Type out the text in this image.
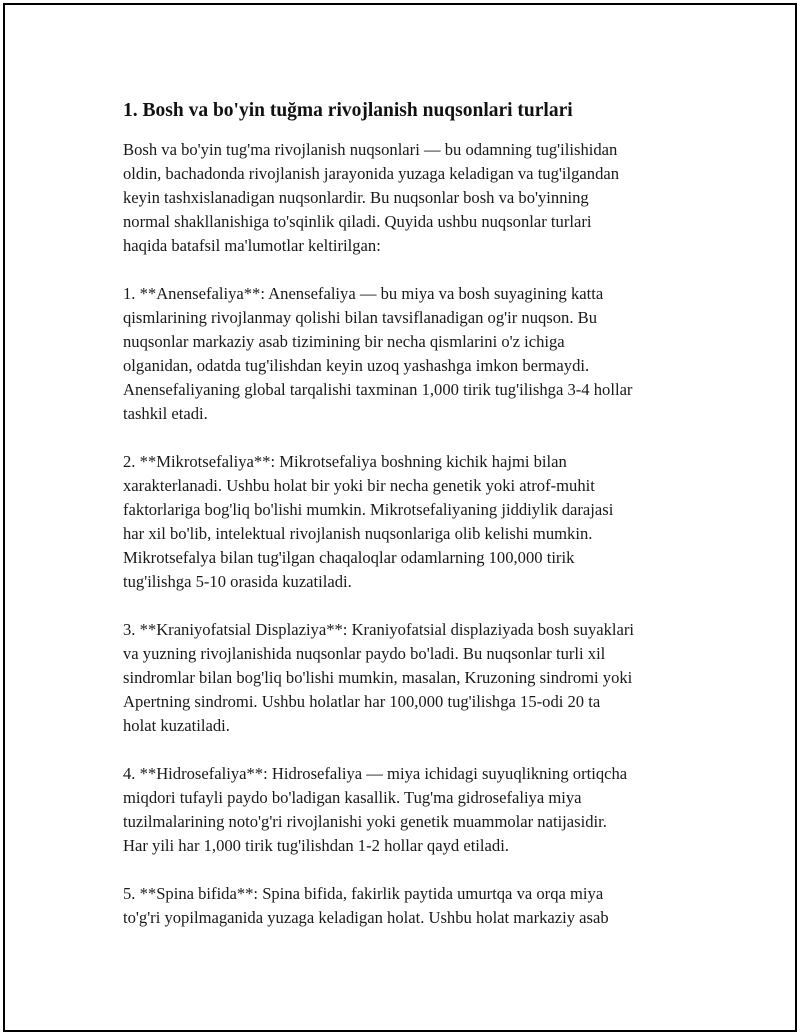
1. Bosh va bo'yin tuğma rivojlanish nuqsonlari turlari
Bosh va bo'yin tug'ma rivojlanish nuqsonlari — bu odamning tug'ilishidan
oldin, bachadonda rivojlanish jarayonida yuzaga keladigan va tug'ilgandan
keyin tashxislanadigan nuqsonlardir. Bu nuqsonlar bosh va bo'yinning
normal shakllanishiga to'sqinlik qiladi. Quyida ushbu nuqsonlar turlari
haqida batafsil ma'lumotlar keltirilgan:
1. **Anensefaliya**: Anensefaliya — bu miya va bosh suyagining katta
qismlarining rivojlanmay qolishi bilan tavsiflanadigan og'ir nuqson. Bu
nuqsonlar markaziy asab tizimining bir necha qismlarini o'z ichiga
olganidan, odatda tug'ilishdan keyin uzoq yashashga imkon bermaydi.
Anensefaliyaning global tarqalishi taxminan 1,000 tirik tug'ilishga 3-4 hollar
tashkil etadi.
2. **Mikrotsefaliya**: Mikrotsefaliya boshning kichik hajmi bilan
xarakterlanadi. Ushbu holat bir yoki bir necha genetik yoki atrof-muhit
faktorlariga bog'liq bo'lishi mumkin. Mikrotsefaliyaning jiddiylik darajasi
har xil bo'lib, intelektual rivojlanish nuqsonlariga olib kelishi mumkin.
Mikrotsefalya bilan tug'ilgan chaqaloqlar odamlarning 100,000 tirik
tug'ilishga 5-10 orasida kuzatiladi.
3. **Kraniyofatsial Displaziya**: Kraniyofatsial displaziyada bosh suyaklari
va yuzning rivojlanishida nuqsonlar paydo bo'ladi. Bu nuqsonlar turli xil
sindromlar bilan bog'liq bo'lishi mumkin, masalan, Kruzoning sindromi yoki
Apertning sindromi. Ushbu holatlar har 100,000 tug'ilishga 15-odi 20 ta
holat kuzatiladi.
4. **Hidrosefaliya**: Hidrosefaliya — miya ichidagi suyuqlikning ortiqcha
miqdori tufayli paydo bo'ladigan kasallik. Tug'ma gidrosefaliya miya
tuzilmalarining noto'g'ri rivojlanishi yoki genetik muammolar natijasidir.
Har yili har 1,000 tirik tug'ilishdan 1-2 hollar qayd etiladi.
5. **Spina bifida**: Spina bifida, fakirlik paytida umurtqa va orqa miya
to'g'ri yopilmaganida yuzaga keladigan holat. Ushbu holat markaziy asab
